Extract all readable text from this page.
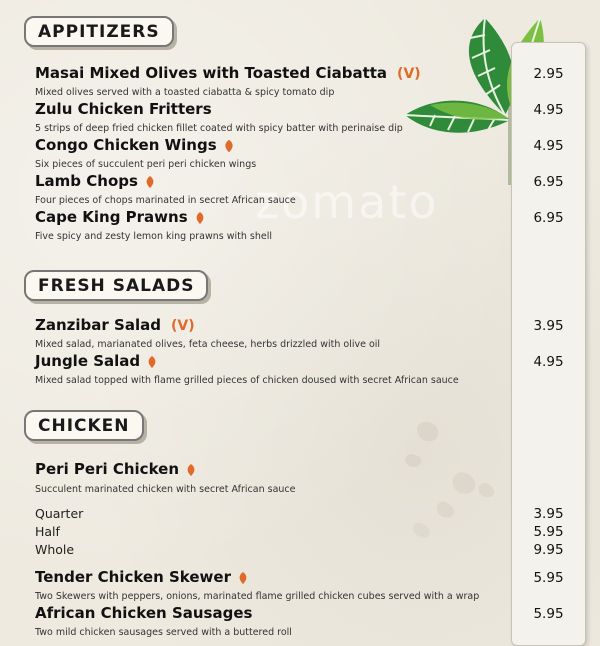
zomato
APPITIZERS
Masai Mixed Olives with Toasted Ciabatta (V)
Mixed olives served with a toasted ciabatta & spicy tomato dip
2.95
Zulu Chicken Fritters
5 strips of deep fried chicken fillet coated with spicy batter with perinaise dip
4.95
Congo Chicken Wings
Six pieces of succulent peri peri chicken wings
4.95
Lamb Chops
Four pieces of chops marinated in secret African sauce
6.95
Cape King Prawns
Five spicy and zesty lemon king prawns with shell
6.95
FRESH SALADS
Zanzibar Salad (V)
Mixed salad, marianated olives, feta cheese, herbs drizzled with olive oil
3.95
Jungle Salad
Mixed salad topped with flame grilled pieces of chicken doused with secret African sauce
4.95
CHICKEN
Peri Peri Chicken
Succulent marinated chicken with secret African sauce
Quarter	3.95
Half	5.95
Whole	9.95
Tender Chicken Skewer
Two Skewers with peppers, onions, marinated flame grilled chicken cubes served with a wrap
5.95
African Chicken Sausages
Two mild chicken sausages served with a buttered roll
5.95
